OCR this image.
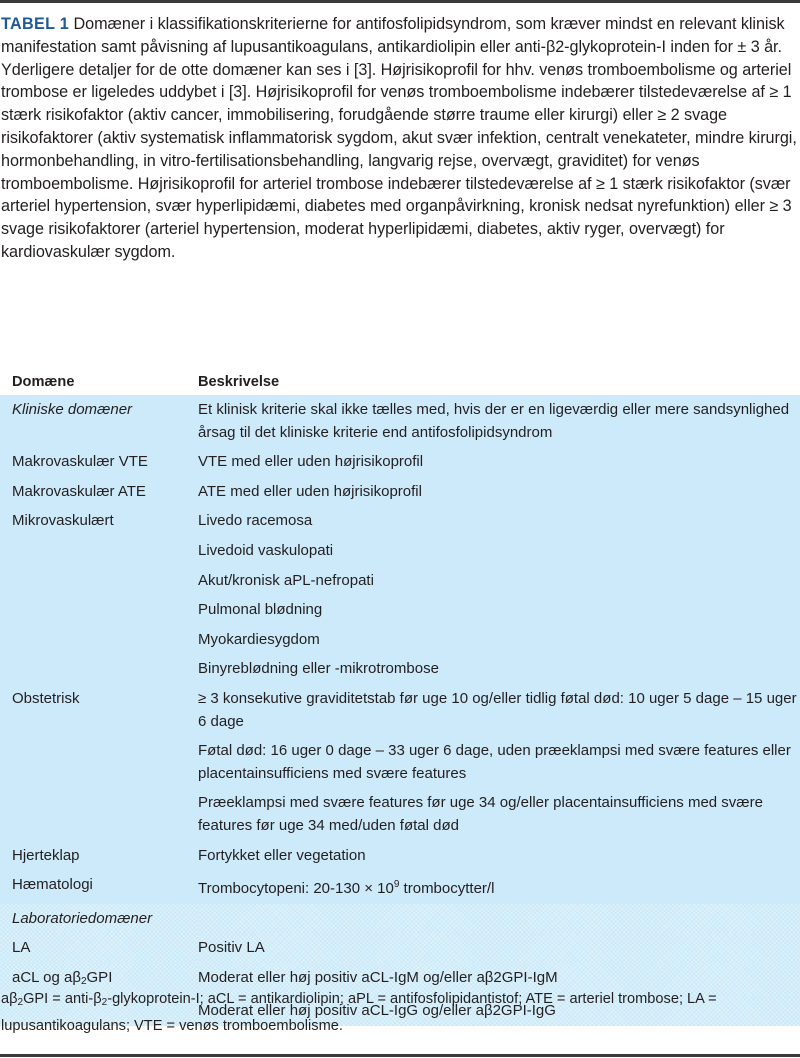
TABEL 1 Domæner i klassifikationskriterierne for antifosfolipidsyndrom, som kræver mindst en relevant klinisk manifestation samt påvisning af lupusantikoagulans, antikardiolipin eller anti-β2-glykoprotein-I inden for ± 3 år. Yderligere detaljer for de otte domæner kan ses i [3]. Højrisikoprofil for hhv. venøs tromboembolisme og arteriel trombose er ligeledes uddybet i [3]. Højrisikoprofil for venøs tromboembolisme indebærer tilstedeværelse af ≥ 1 stærk risikofaktor (aktiv cancer, immobilisering, forudgående større traume eller kirurgi) eller ≥ 2 svage risikofaktorer (aktiv systematisk inflammatorisk sygdom, akut svær infektion, centralt venekateter, mindre kirurgi, hormonbehandling, in vitro-fertilisationsbehandling, langvarig rejse, overvægt, graviditet) for venøs tromboembolisme. Højrisikoprofil for arteriel trombose indebærer tilstedeværelse af ≥ 1 stærk risikofaktor (svær arteriel hypertension, svær hyperlipidæmi, diabetes med organpåvirkning, kronisk nedsat nyrefunktion) eller ≥ 3 svage risikofaktorer (arteriel hypertension, moderat hyperlipidæmi, diabetes, aktiv ryger, overvægt) for kardiovaskulær sygdom.
Domæne	Beskrivelse
Kliniske domæner	Et klinisk kriterie skal ikke tælles med, hvis der er en ligeværdig eller mere sandsynlighed årsag til det kliniske kriterie end antifosfolipidsyndrom
Makrovaskulær VTE	VTE med eller uden højrisikoprofil
Makrovaskulær ATE	ATE med eller uden højrisikoprofil
Mikrovaskulært	Livedo racemosa
	Livedoid vaskulopati
	Akut/kronisk aPL-nefropati
	Pulmonal blødning
	Myokardiesygdom
	Binyreblødning eller -mikrotrombose
Obstetrisk	≥ 3 konsekutive graviditetstab før uge 10 og/eller tidlig føtal død: 10 uger 5 dage – 15 uger 6 dage
	Føtal død: 16 uger 0 dage – 33 uger 6 dage, uden præeklampsi med svære features eller placentainsufficiens med svære features
	Præeklampsi med svære features før uge 34 og/eller placentainsufficiens med svære features før uge 34 med/uden føtal død
Hjerteklap	Fortykket eller vegetation
Hæmatologi	Trombocytopeni: $20-130 \times 10^9$ trombocytter/l
Laboratoriedomæner	
LA	Positiv LA
aCL og $a\beta_2GPI$	Moderat eller høj positiv aCL-IgM og/eller aβ2GPI-IgM
	Moderat eller høj positiv aCL-IgG og/eller aβ2GPI-IgG
$a\beta_2GPI$ = anti-$\beta_2-glykoprotein-I$; aCL = antikardiolipin; aPL = antifosfolipidantistof; ATE = arteriel trombose; LA = lupusantikoagulans; VTE = venøs tromboembolisme.
